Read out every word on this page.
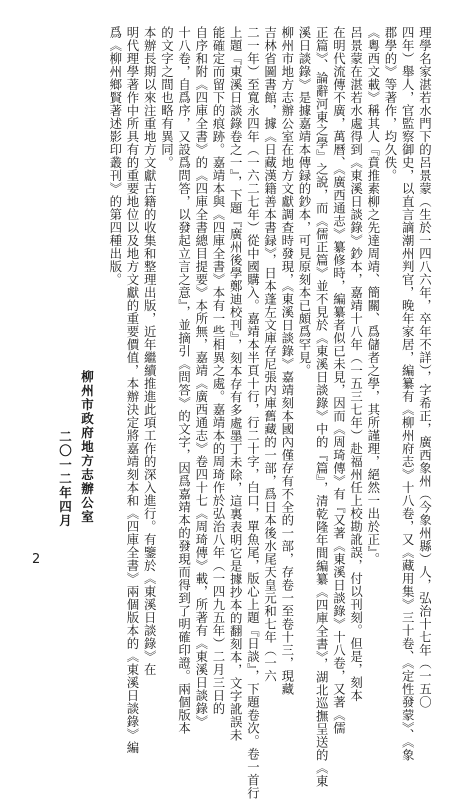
理學名家湛若水門下的呂景蒙（生於一四八六年，卒年不詳），字希正，廣西象州（今象州縣）人，弘治十七年（一五〇
四年）舉人，官監察御史，以直言謫潮州判官，晚年家居，編纂有《柳州府志》十八卷，又《藏用集》三十卷、《定性發蒙》、《象
郡學的》等著作，均久佚。
《粵西文載》稱其人『賁推素柳之先達周靖、簡關、爲儲者之學，其所謹理，絕然一出於正』。
呂景蒙在湛若水處得到《東溪日談錄》鈔本，嘉靖十八年（一五三七年）赴福州任上校勘訛誤，付以刊刻。但是，刻本
在明代流傳不廣，萬曆、《廣西通志》纂修時，編纂者似已未見，因而《周琦傳》有『又著《東溪日談錄》十八卷，又著《儒
正篇》、論辭河東之學』之說，而《儒正篇》並不見於《東溪日談錄》中的『篇』，清乾隆年間編纂《四庫全書》，湖北巡撫呈送的《東
溪日談錄》是據嘉靖本傳録的鈔本，可見原刻本已頗爲罕見。
柳州市地方志辦公室在地方文獻調查時發現，《東溪日談錄》嘉靖刻本國內僅存有不全的一部，存卷一至卷十三，現藏
吉林省圖書館，據《日藏漢籍善本書録》，日本蓬左文庫存尼張内庫舊藏的一部，爲日本後水尾天皇元和七年（一六
二一年）至寬永四年（一六二七年）從中國購入。嘉靖本半頁十行，行二十字，白口，單魚尾，版心上題『日談』，下題卷次。卷一首行
上題『東溪日談錄卷之一』，下題『廣州後學鄭迪校刊』，刻本存有多處墨丁未除，這裏表明它是據抄本的翻刻本，文字訛誤未
能確定而留下的痕跡。嘉靖本與《四庫全書》本有一些相異之處。嘉靖本的周琦作於弘治八年（一四九五年）二月三日的
自序和附《四庫全書》的《四庫全書總目提要》本所無，嘉靖《廣西通志》卷四十七《周琦傳》載，所著有《東溪日談錄》
十八卷，自爲序，又設爲問答，以發起立言之意』，並摘引《問答》的文字，因爲嘉靖本的發現而得到了明確印證。兩個版本
的文字之間也略有異同。
本辦長期以來注重地方文獻古籍的收集和整理出版，近年繼續推進此項工作的深入進行。有鑒於《東溪日談錄》在
明代理學著作中所具有的重要地位以及地方文獻的重要價值，本辦決定將嘉靖刻本和《四庫全書》兩個版本的《東溪日談錄》編
爲《柳州鄉賢著述影印叢刊》的第四種出版。
柳州市政府地方志辦公室
二〇一二年四月
2
